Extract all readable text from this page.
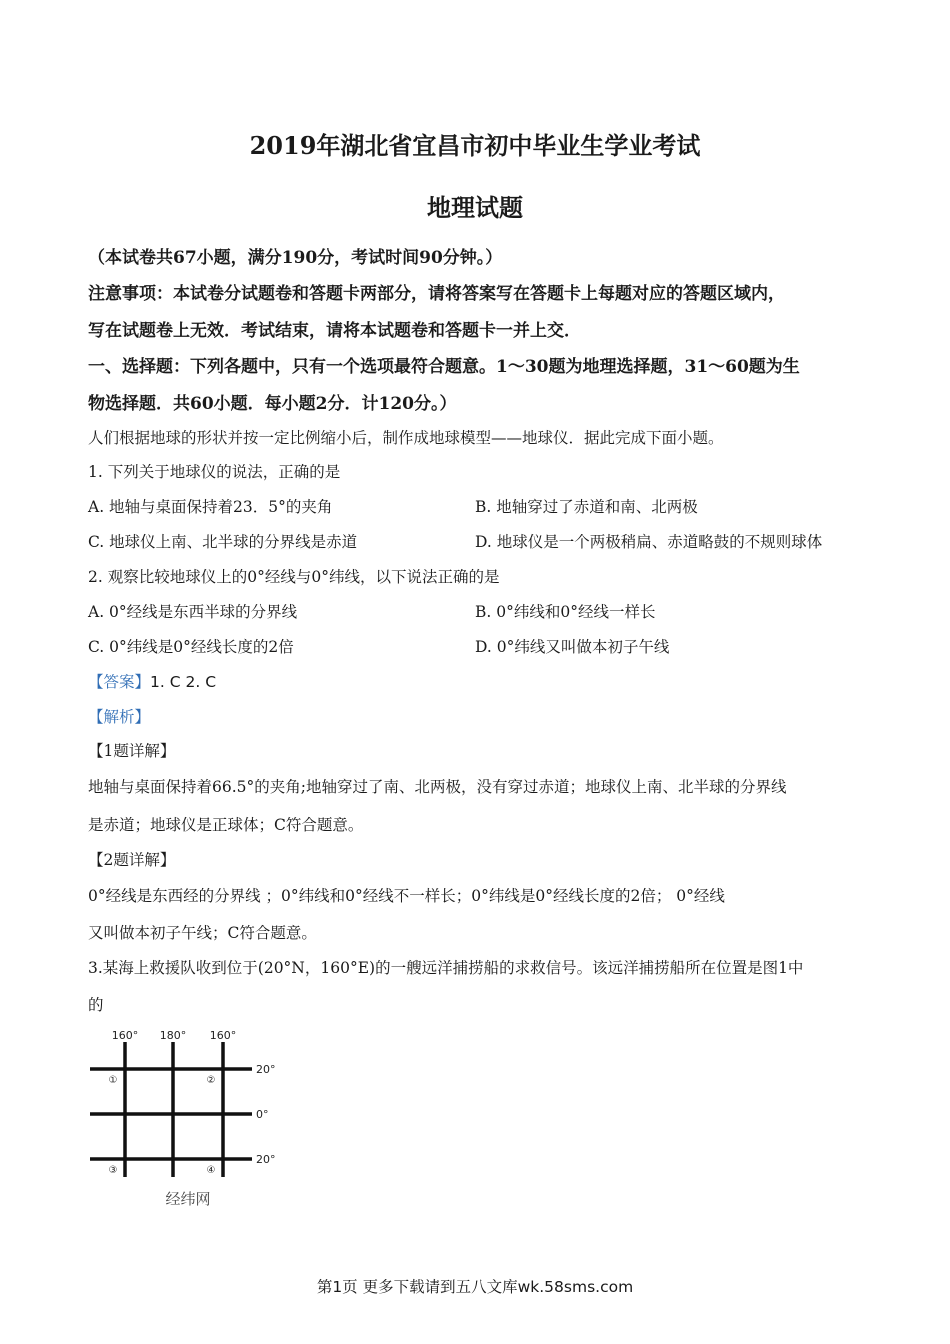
2019年湖北省宜昌市初中毕业生学业考试
地理试题
（本试卷共67小题，满分190分，考试时间90分钟。）
注意事项：本试卷分试题卷和答题卡两部分，请将答案写在答题卡上每题对应的答题区域内，
写在试题卷上无效．考试结束，请将本试题卷和答题卡一并上交．
一、选择题：下列各题中，只有一个选项最符合题意。1～30题为地理选择题，31～60题为生
物选择题．共60小题．每小题2分．计120分。）
人们根据地球的形状并按一定比例缩小后，制作成地球模型——地球仪．据此完成下面小题。
1. 下列关于地球仪的说法，正确的是
A. 地轴与桌面保持着23．5°的夹角	B. 地轴穿过了赤道和南、北两极
C. 地球仪上南、北半球的分界线是赤道	D. 地球仪是一个两极稍扁、赤道略鼓的不规则球体
2. 观察比较地球仪上的0°经线与0°纬线，以下说法正确的是
A. 0°经线是东西半球的分界线	B. 0°纬线和0°经线一样长
C. 0°纬线是0°经线长度的2倍	D. 0°纬线又叫做本初子午线
【答案】1. C 2. C
【解析】
【1题详解】
地轴与桌面保持着66.5°的夹角;地轴穿过了南、北两极，没有穿过赤道；地球仪上南、北半球的分界线
是赤道；地球仪是正球体；C符合题意。
【2题详解】
0°经线是东西经的分界线 ；0°纬线和0°经线不一样长；0°纬线是0°经线长度的2倍； 0°经线
又叫做本初子午线；C符合题意。
3.某海上救援队收到位于(20°N，160°E)的一艘远洋捕捞船的求救信号。该远洋捕捞船所在位置是图1中
的
160° 180° 160°
20°
0°
20°
①	②
③	④
经纬网
第1页 更多下载请到五八文库wk.58sms.com
